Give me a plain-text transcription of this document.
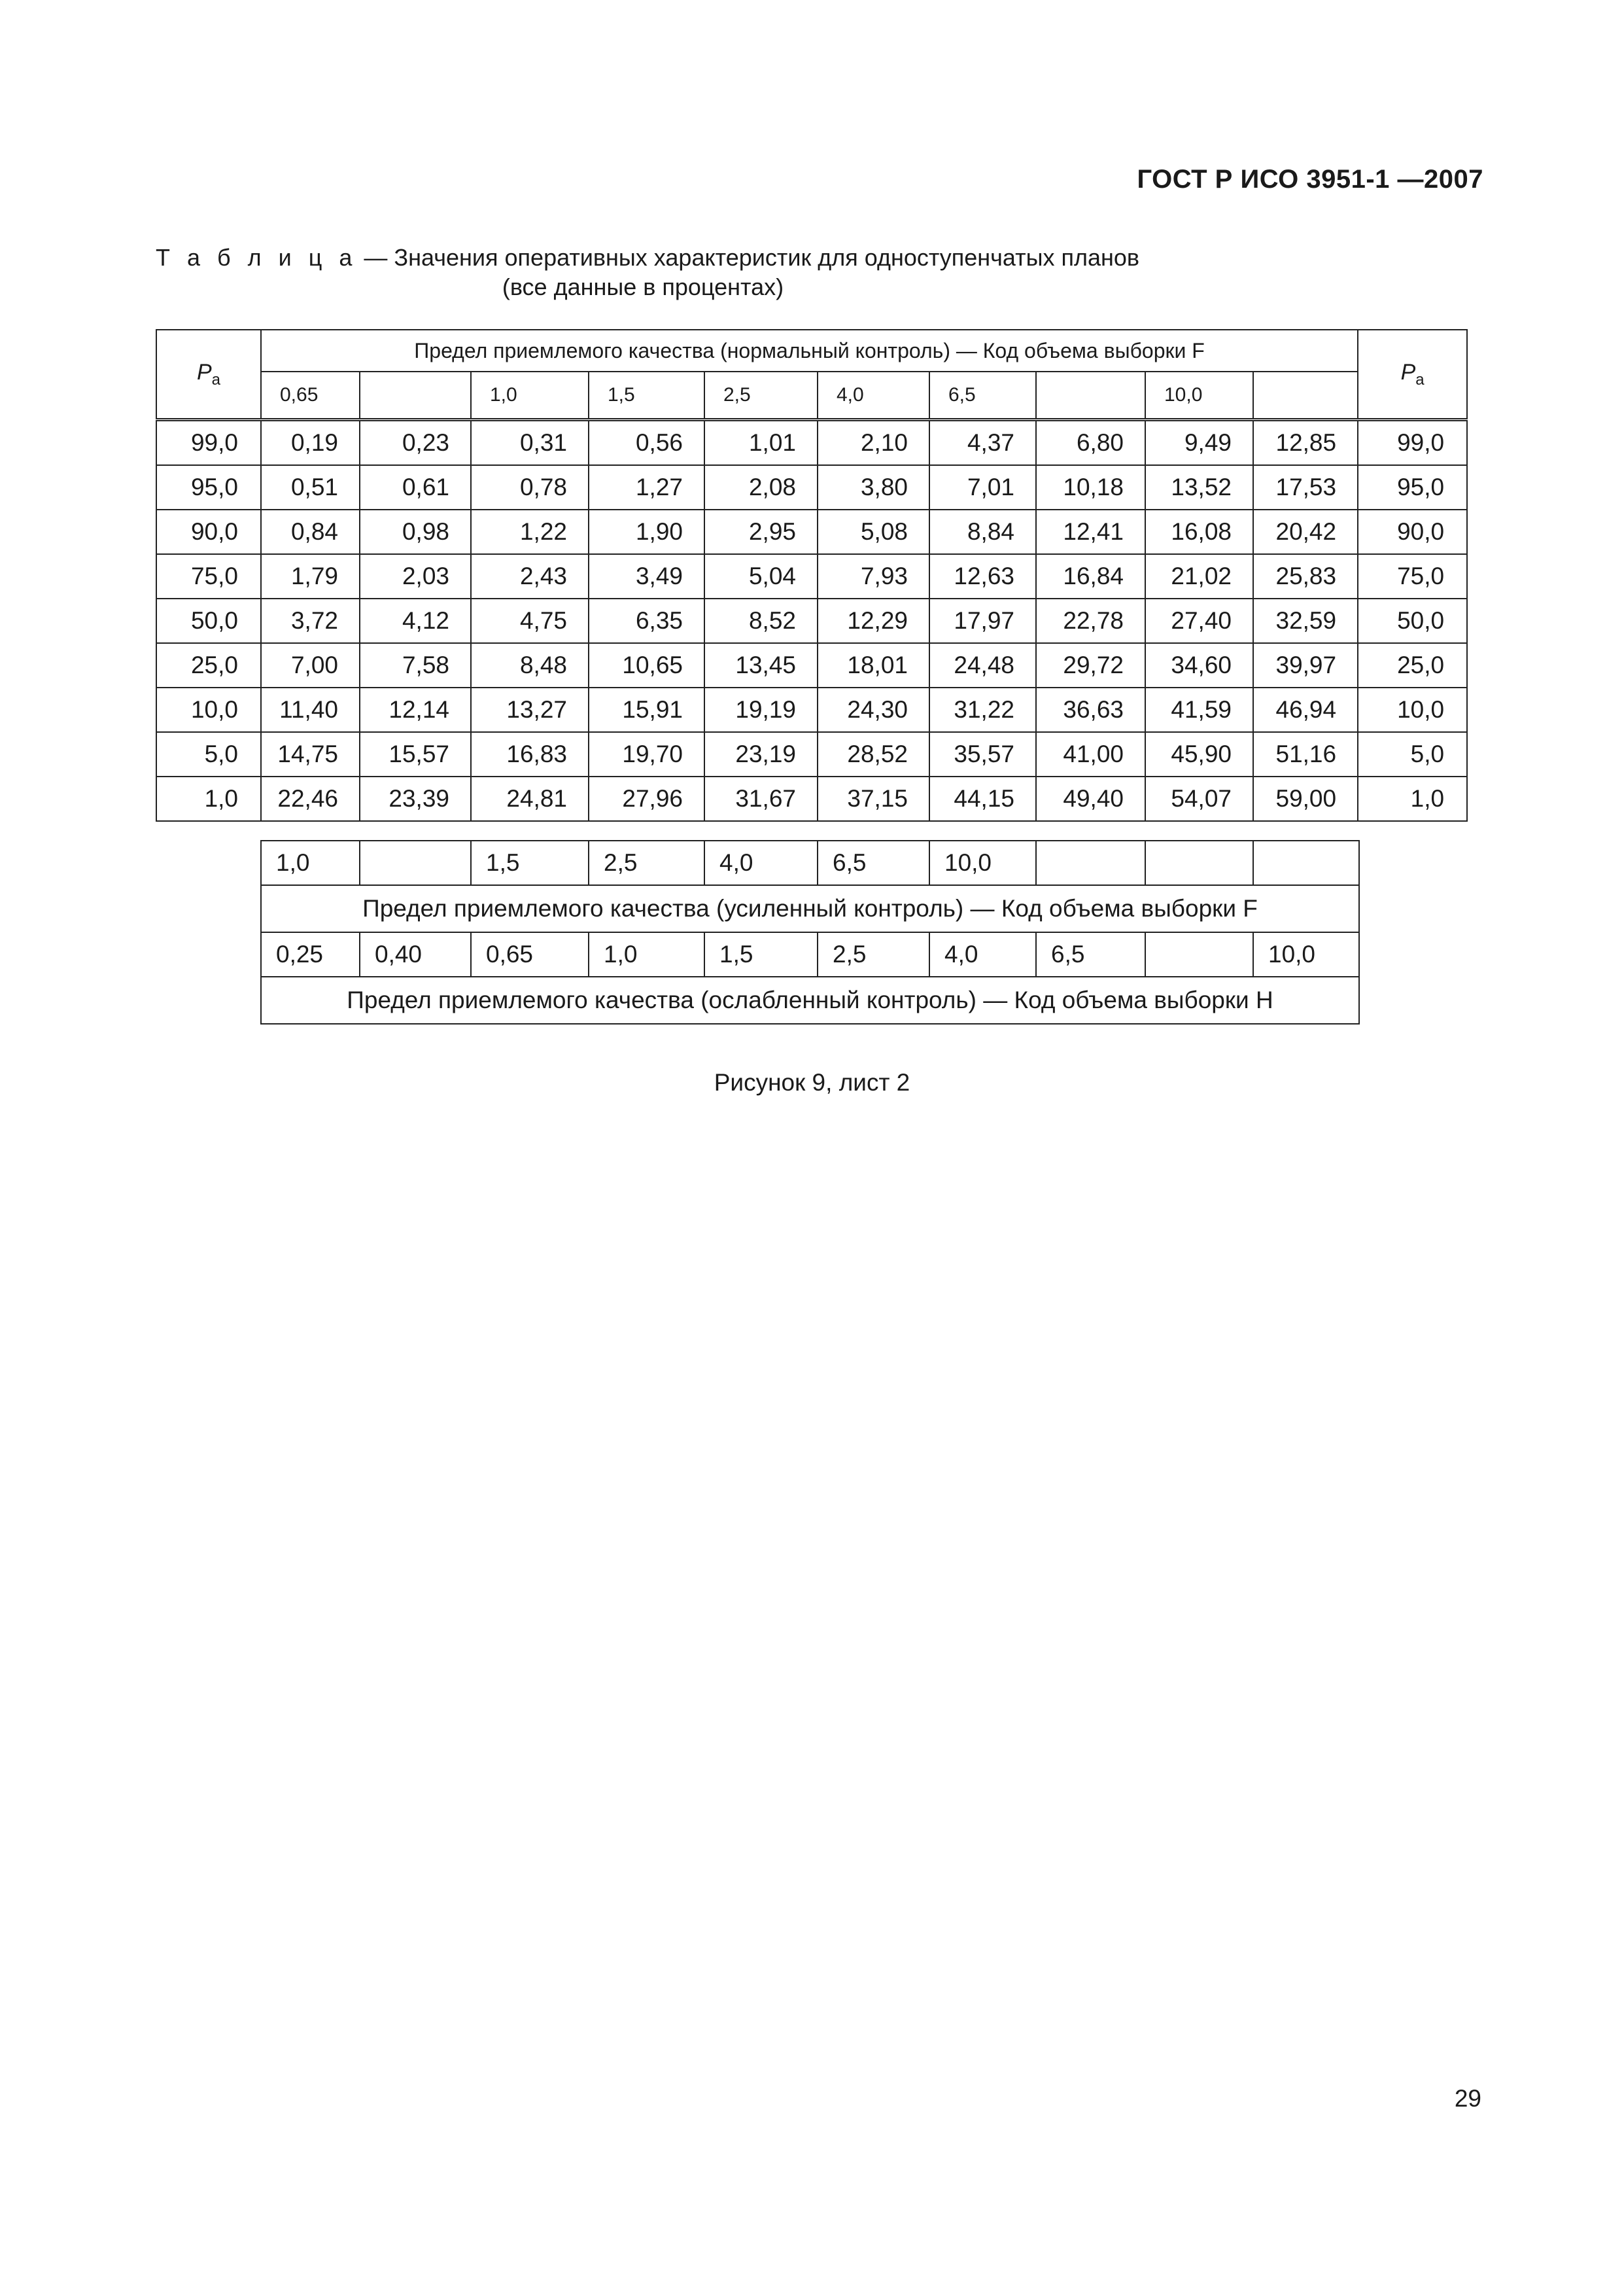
ГОСТ Р ИСО 3951-1 —2007
Т а б л и ц а — Значения оперативных характеристик для одноступенчатых планов
(все данные в процентах)
$P_a$	Предел приемлемого качества (нормальный контроль) — Код объема выборки F										$P_a$
	0,65		1,0	1,5	2,5	4,0	6,5		10,0		
99,0	0,19	0,23	0,31	0,56	1,01	2,10	4,37	6,80	9,49	12,85	99,0
95,0	0,51	0,61	0,78	1,27	2,08	3,80	7,01	10,18	13,52	17,53	95,0
90,0	0,84	0,98	1,22	1,90	2,95	5,08	8,84	12,41	16,08	20,42	90,0
75,0	1,79	2,03	2,43	3,49	5,04	7,93	12,63	16,84	21,02	25,83	75,0
50,0	3,72	4,12	4,75	6,35	8,52	12,29	17,97	22,78	27,40	32,59	50,0
25,0	7,00	7,58	8,48	10,65	13,45	18,01	24,48	29,72	34,60	39,97	25,0
10,0	11,40	12,14	13,27	15,91	19,19	24,30	31,22	36,63	41,59	46,94	10,0
5,0	14,75	15,57	16,83	19,70	23,19	28,52	35,57	41,00	45,90	51,16	5,0
1,0	22,46	23,39	24,81	27,96	31,67	37,15	44,15	49,40	54,07	59,00	1,0
1,0		1,5	2,5	4,0	6,5	10,0			
Предел приемлемого качества (усиленный контроль) — Код объема выборки F									
0,25	0,40	0,65	1,0	1,5	2,5	4,0	6,5		10,0
Предел приемлемого качества (ослабленный контроль) — Код объема выборки H									
Рисунок 9, лист 2
29
